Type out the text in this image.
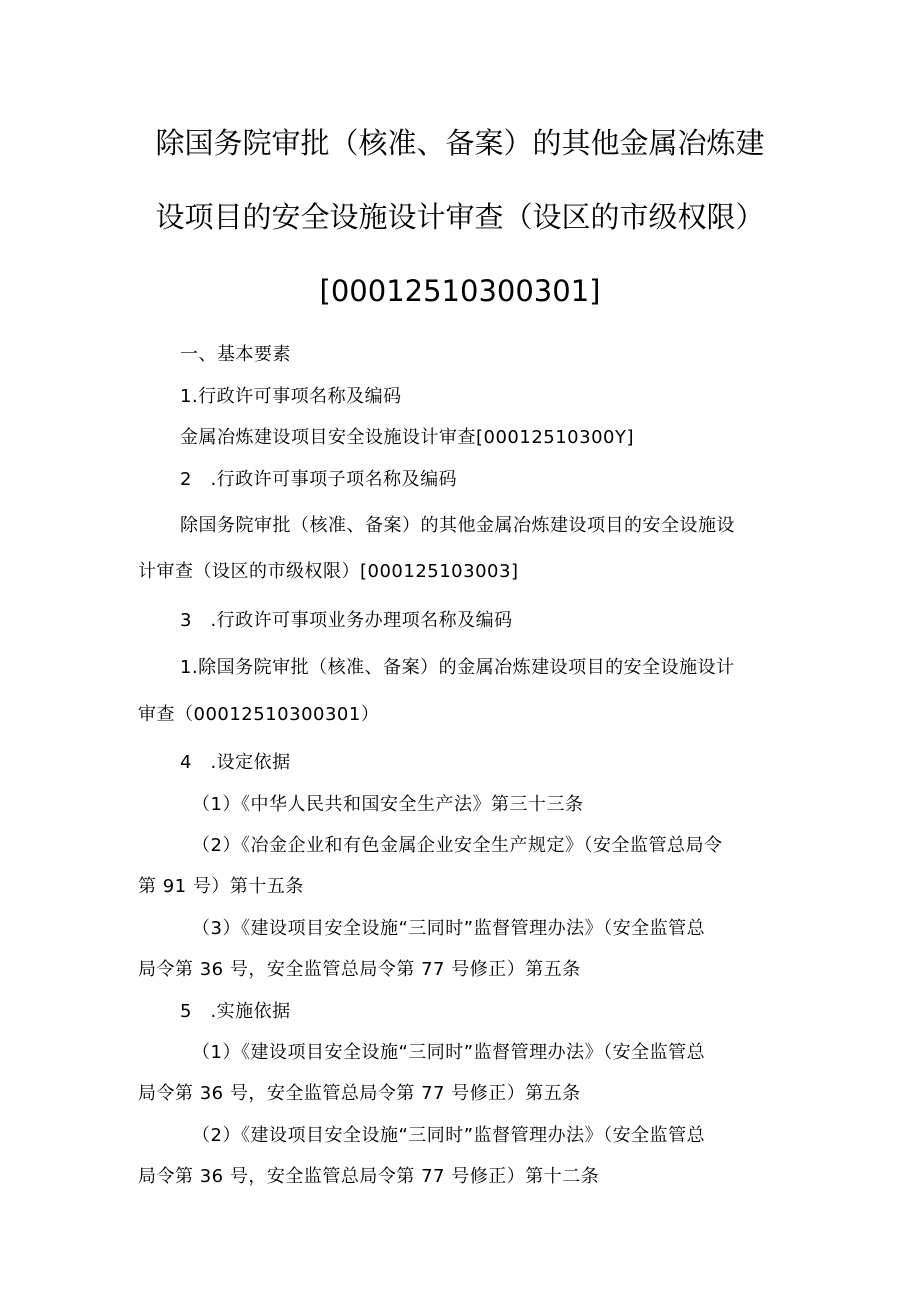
除国务院审批（核准、备案）的其他金属冶炼建
设项目的安全设施设计审查（设区的市级权限）
[00012510300301]
一、基本要素
1.行政许可事项名称及编码
金属冶炼建设项目安全设施设计审查[00012510300Y]
2　.行政许可事项子项名称及编码
除国务院审批（核准、备案）的其他金属冶炼建设项目的安全设施设
计审查（设区的市级权限）[000125103003]
3　.行政许可事项业务办理项名称及编码
1.除国务院审批（核准、备案）的金属冶炼建设项目的安全设施设计
审查（00012510300301）
4　.设定依据
（1）《中华人民共和国安全生产法》第三十三条
（2）《冶金企业和有色金属企业安全生产规定》（安全监管总局令
第 91 号）第十五条
（3）《建设项目安全设施“三同时”监督管理办法》（安全监管总
局令第 36 号，安全监管总局令第 77 号修正）第五条
5　.实施依据
（1）《建设项目安全设施“三同时”监督管理办法》（安全监管总
局令第 36 号，安全监管总局令第 77 号修正）第五条
（2）《建设项目安全设施“三同时”监督管理办法》（安全监管总
局令第 36 号，安全监管总局令第 77 号修正）第十二条
